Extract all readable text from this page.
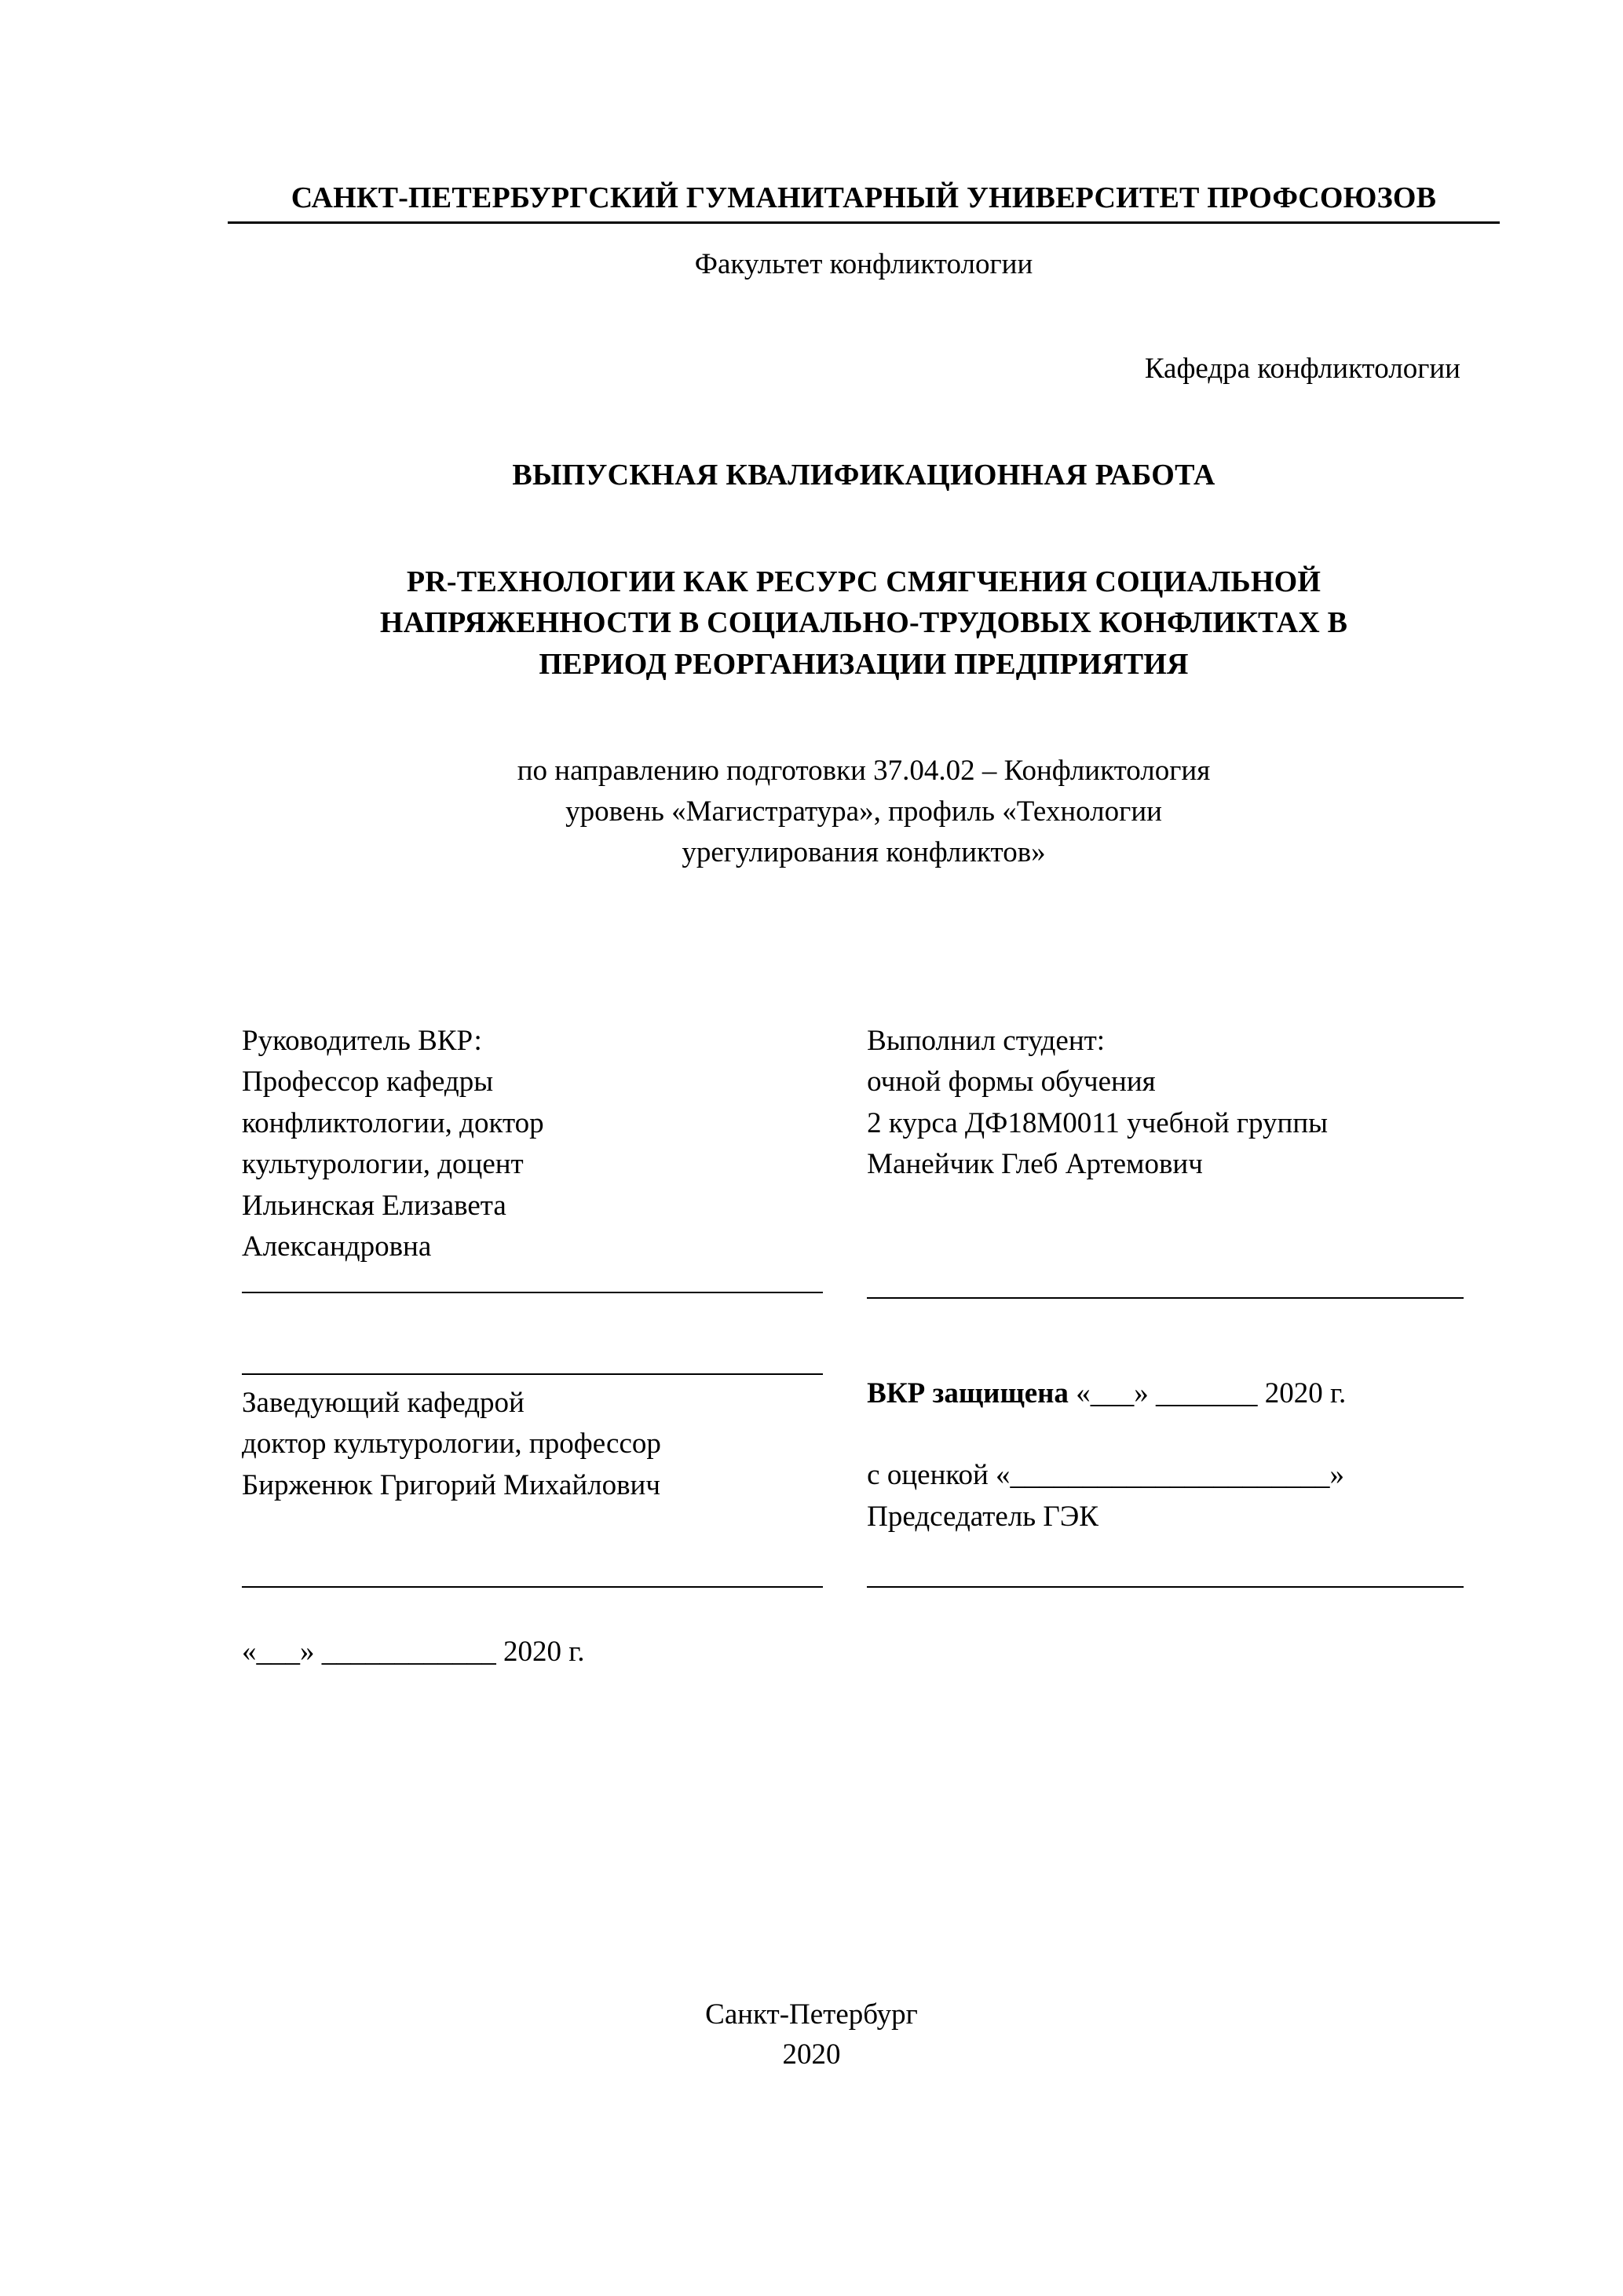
САНКТ-ПЕТЕРБУРГСКИЙ ГУМАНИТАРНЫЙ УНИВЕРСИТЕТ ПРОФСОЮЗОВ
Факультет конфликтологии
Кафедра конфликтологии
ВЫПУСКНАЯ КВАЛИФИКАЦИОННАЯ РАБОТА
PR-ТЕХНОЛОГИИ КАК РЕСУРС СМЯГЧЕНИЯ СОЦИАЛЬНОЙ
НАПРЯЖЕННОСТИ В СОЦИАЛЬНО-ТРУДОВЫХ КОНФЛИКТАХ В
ПЕРИОД РЕОРГАНИЗАЦИИ ПРЕДПРИЯТИЯ
по направлению подготовки 37.04.02 – Конфликтология
уровень «Магистратура», профиль «Технологии
урегулирования конфликтов»
Руководитель ВКР:
Профессор кафедры
конфликтологии, доктор
культурологии, доцент
Ильинская Елизавета
Александровна
Выполнил студент:
очной формы обучения
2 курса ДФ18М0011 учебной группы
Манейчик Глеб Артемович
Заведующий кафедрой
доктор культурологии, профессор
Бирженюк Григорий Михайлович
ВКР защищена «___» _______ 2020 г.
с оценкой «______________________»
Председатель ГЭК
«___» ____________ 2020 г.
Санкт-Петербург
2020
